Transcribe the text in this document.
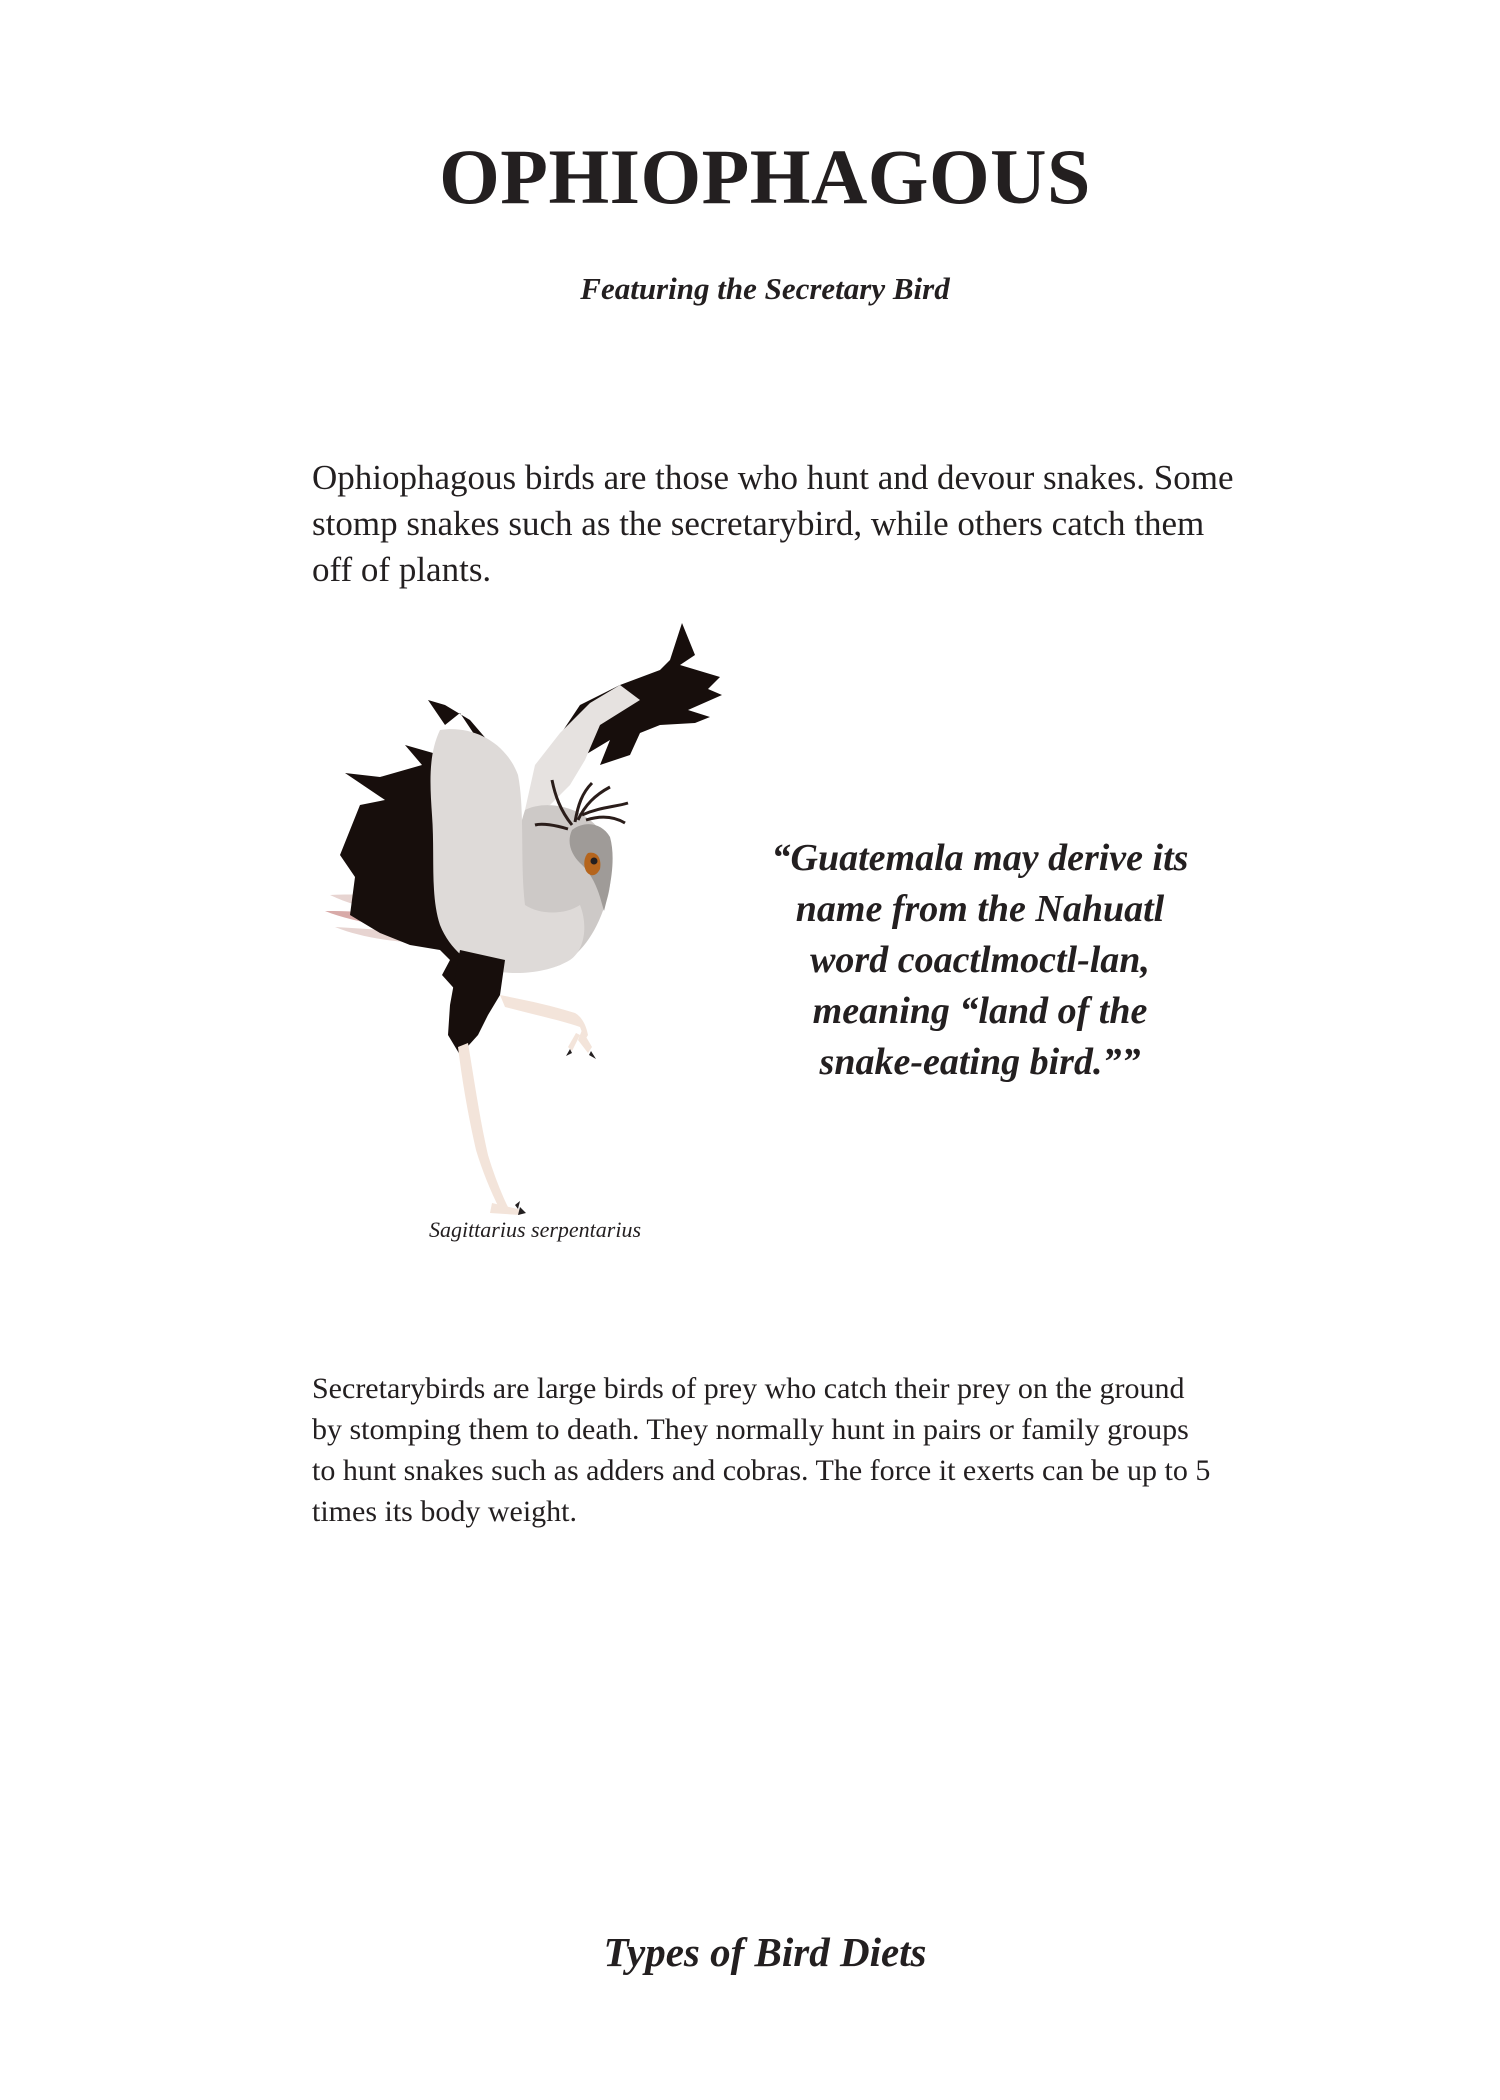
OPHIOPHAGOUS
Featuring the Secretary Bird

Ophiophagous birds are those who hunt and devour snakes. Some stomp snakes such as the secretarybird, while others catch them off of plants.

Sagittarius serpentarius

“Guatemala may derive its name from the Nahuatl word coactlmoctl-lan, meaning “land of the snake-eating bird.””

Secretarybirds are large birds of prey who catch their prey on the ground by stomping them to death. They normally hunt in pairs or family groups to hunt snakes such as adders and cobras. The force it exerts can be up to 5 times its body weight.

Types of Bird Diets
